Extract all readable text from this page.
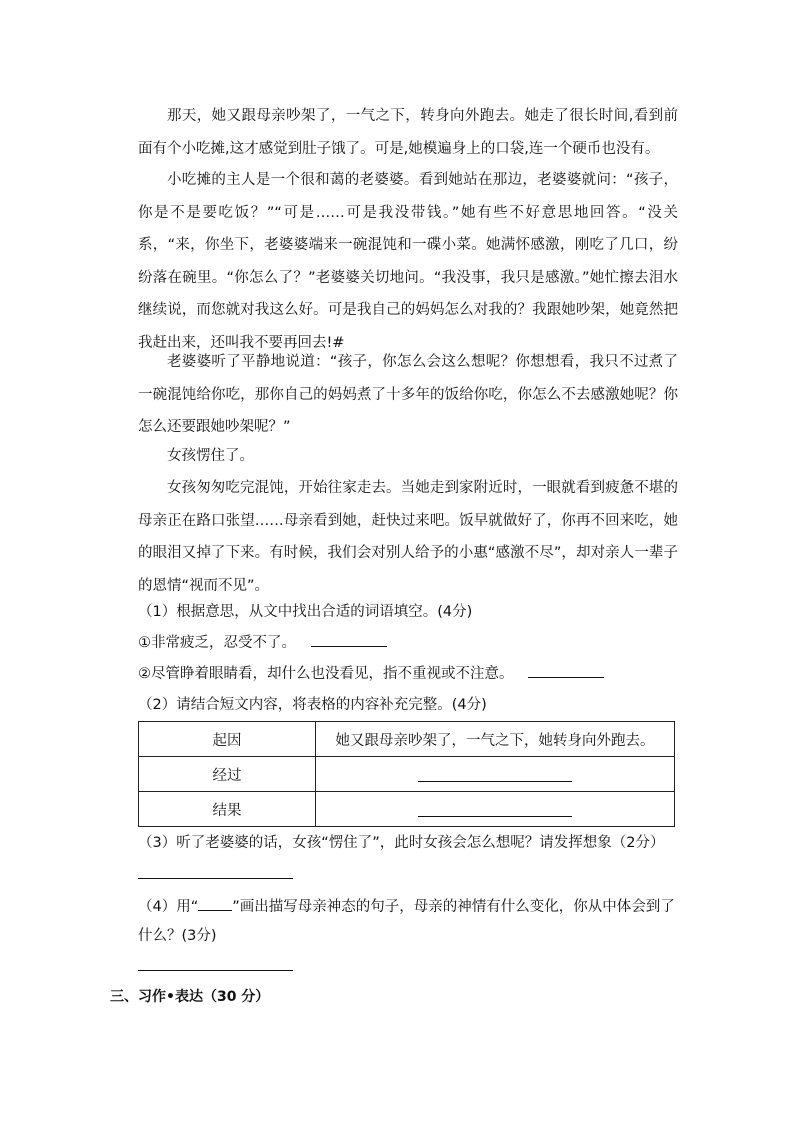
那天，她又跟母亲吵架了，一气之下，转身向外跑去。她走了很长时间,看到前面有个小吃摊,这才感觉到肚子饿了。可是,她模遍身上的口袋,连一个硬币也没有。

小吃摊的主人是一个很和蔼的老婆婆。看到她站在那边，老婆婆就问：“孩子，你是不是要吃饭？”“可是……可是我没带钱。”她有些不好意思地回答。“没关系，“来，你坐下，老婆婆端来一碗混饨和一碟小菜。她满怀感激，刚吃了几口，纷纷落在碗里。“你怎么了？”老婆婆关切地问。“我没事，我只是感激。”她忙擦去泪水继续说，而您就对我这么好。可是我自己的妈妈怎么对我的？我跟她吵架，她竟然把我赶出来，还叫我不要再回去!#

老婆婆听了平静地说道：“孩子，你怎么会这么想呢？你想想看，我只不过煮了一碗混饨给你吃，那你自己的妈妈煮了十多年的饭给你吃，你怎么不去感激她呢？你怎么还要跟她吵架呢？”

女孩愣住了。

女孩匆匆吃完混饨，开始往家走去。当她走到家附近时，一眼就看到疲惫不堪的母亲正在路口张望……母亲看到她，赶快过来吧。饭早就做好了，你再不回来吃，她的眼泪又掉了下来。有时候，我们会对别人给予的小惠“感激不尽”，却对亲人一辈子的恩情“视而不见”。

（1）根据意思，从文中找出合适的词语填空。(4分)

①非常疲乏，忍受不了。

②尽管睁着眼睛看，却什么也没看见，指不重视或不注意。

（2）请结合短文内容，将表格的内容补充完整。(4分)

起因	她又跟母亲吵架了，一气之下，她转身向外跑去。
经过	
结果	

（3）听了老婆婆的话，女孩“愣住了”，此时女孩会怎么想呢？请发挥想象（2分）

（4）用“ ”画出描写母亲神态的句子，母亲的神情有什么变化，你从中体会到了

什么？(3分)

三、习作•表达（30 分）
